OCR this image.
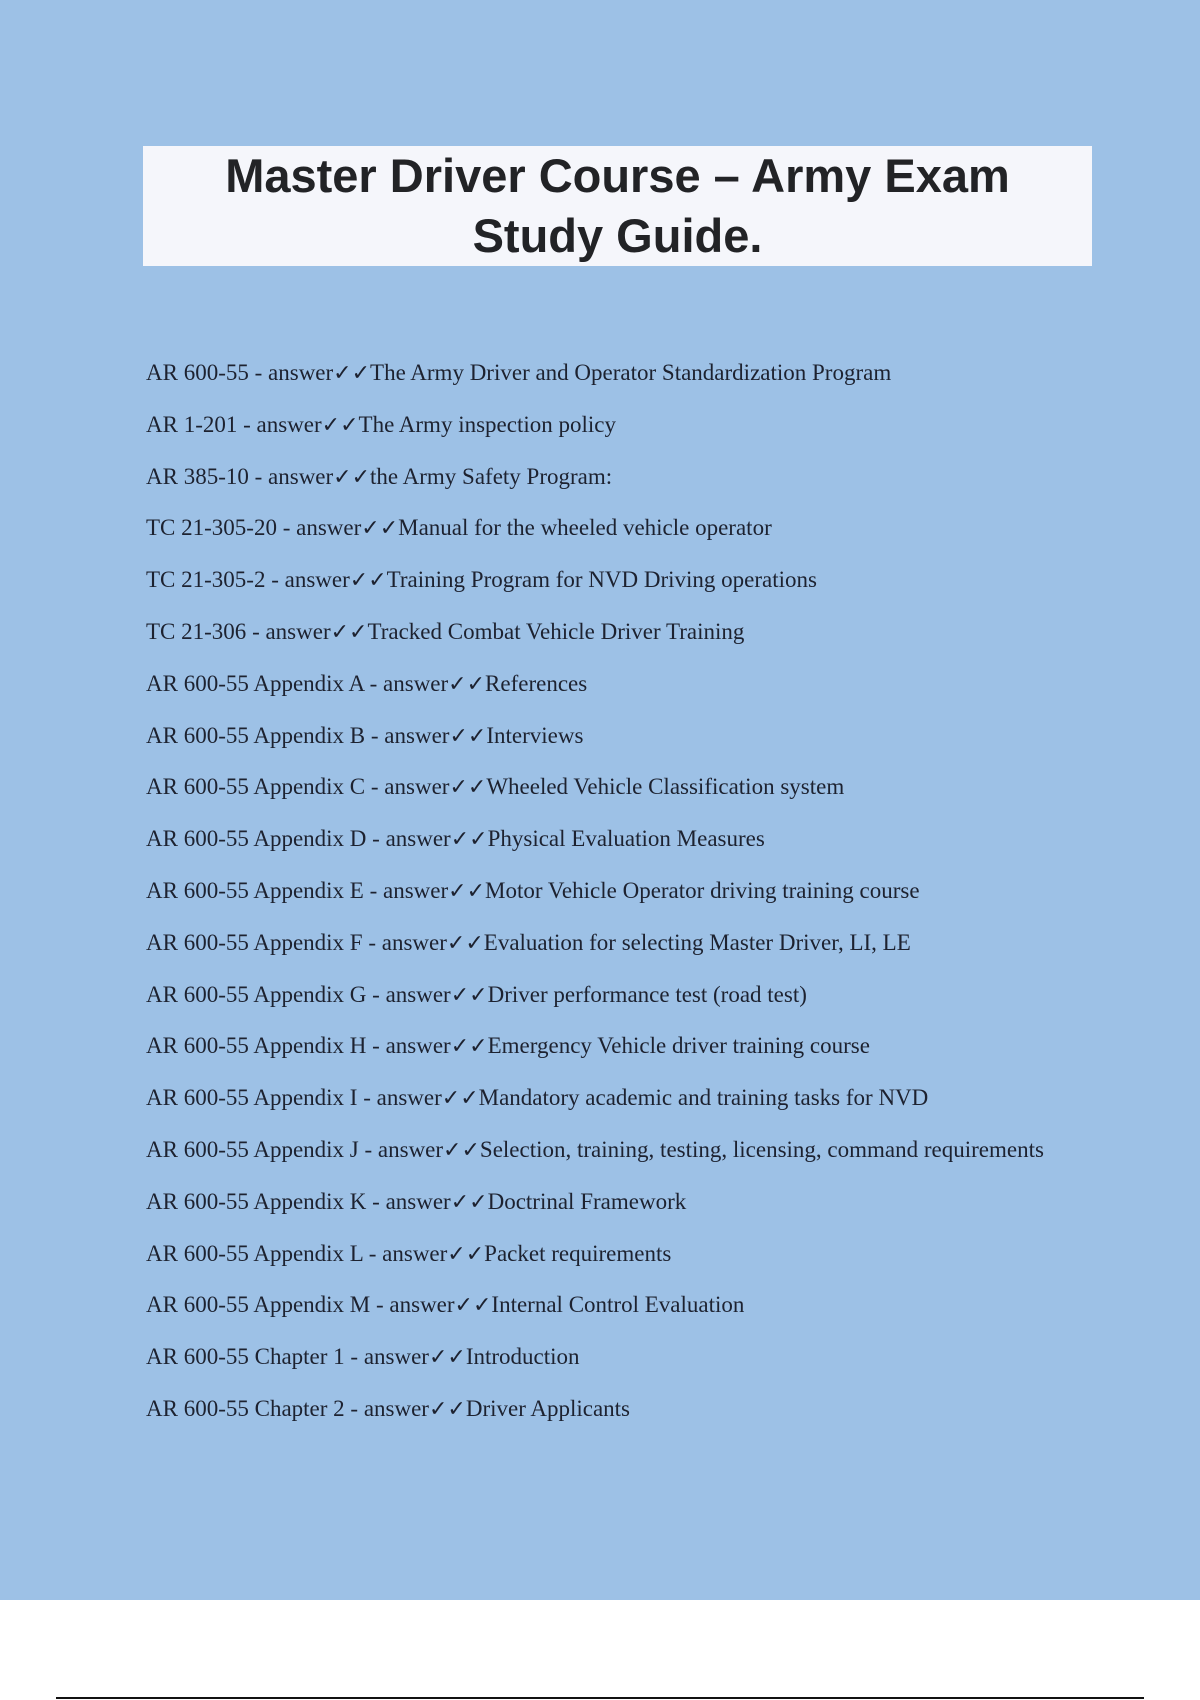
Master Driver Course – Army Exam
Study Guide.
AR 600-55 - answer✓✓The Army Driver and Operator Standardization Program
AR 1-201 - answer✓✓The Army inspection policy
AR 385-10 - answer✓✓the Army Safety Program:
TC 21-305-20 - answer✓✓Manual for the wheeled vehicle operator
TC 21-305-2 - answer✓✓Training Program for NVD Driving operations
TC 21-306 - answer✓✓Tracked Combat Vehicle Driver Training
AR 600-55 Appendix A - answer✓✓References
AR 600-55 Appendix B - answer✓✓Interviews
AR 600-55 Appendix C - answer✓✓Wheeled Vehicle Classification system
AR 600-55 Appendix D - answer✓✓Physical Evaluation Measures
AR 600-55 Appendix E - answer✓✓Motor Vehicle Operator driving training course
AR 600-55 Appendix F - answer✓✓Evaluation for selecting Master Driver, LI, LE
AR 600-55 Appendix G - answer✓✓Driver performance test (road test)
AR 600-55 Appendix H - answer✓✓Emergency Vehicle driver training course
AR 600-55 Appendix I - answer✓✓Mandatory academic and training tasks for NVD
AR 600-55 Appendix J - answer✓✓Selection, training, testing, licensing, command requirements
AR 600-55 Appendix K - answer✓✓Doctrinal Framework
AR 600-55 Appendix L - answer✓✓Packet requirements
AR 600-55 Appendix M - answer✓✓Internal Control Evaluation
AR 600-55 Chapter 1 - answer✓✓Introduction
AR 600-55 Chapter 2 - answer✓✓Driver Applicants
